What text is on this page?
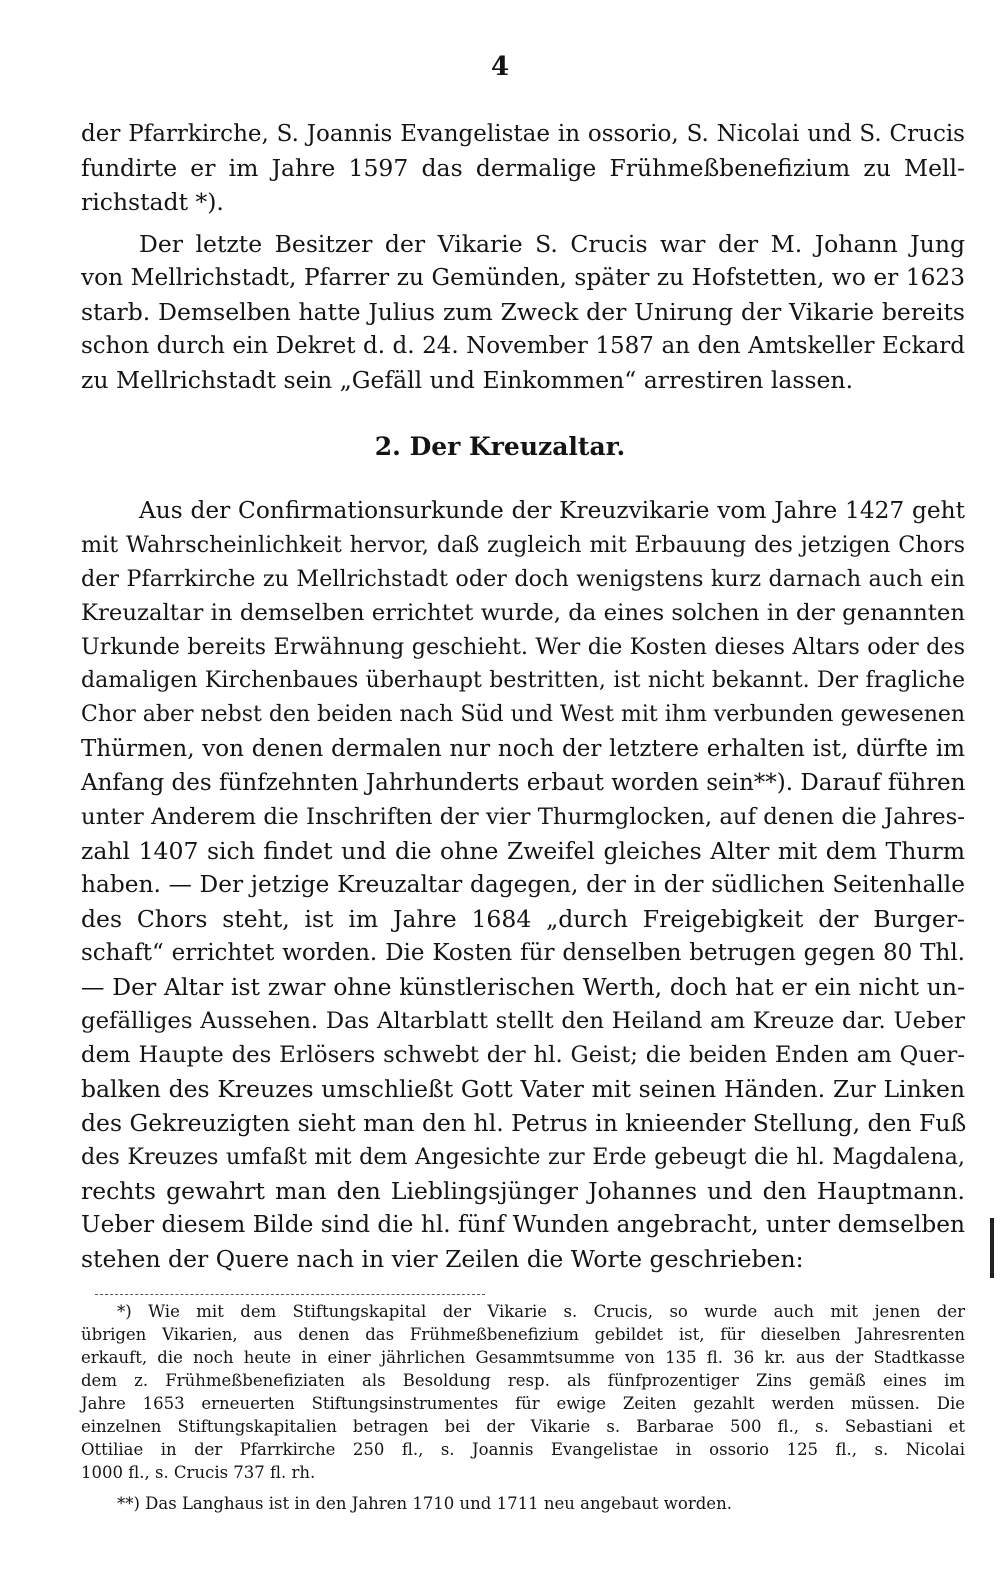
4
der Pfarrkirche, S. Joannis Evangelistae in ossorio, S. Nicolai und S. Crucis
fundirte er im Jahre 1597 das dermalige Frühmeßbenefizium zu Mell-
richstadt *).
Der letzte Besitzer der Vikarie S. Crucis war der M. Johann Jung
von Mellrichstadt, Pfarrer zu Gemünden, später zu Hofstetten, wo er 1623
starb. Demselben hatte Julius zum Zweck der Unirung der Vikarie bereits
schon durch ein Dekret d. d. 24. November 1587 an den Amtskeller Eckard
zu Mellrichstadt sein „Gefäll und Einkommen“ arrestiren lassen.
2. Der Kreuzaltar.
Aus der Confirmationsurkunde der Kreuzvikarie vom Jahre 1427 geht
mit Wahrscheinlichkeit hervor, daß zugleich mit Erbauung des jetzigen Chors
der Pfarrkirche zu Mellrichstadt oder doch wenigstens kurz darnach auch ein
Kreuzaltar in demselben errichtet wurde, da eines solchen in der genannten
Urkunde bereits Erwähnung geschieht. Wer die Kosten dieses Altars oder des
damaligen Kirchenbaues überhaupt bestritten, ist nicht bekannt. Der fragliche
Chor aber nebst den beiden nach Süd und West mit ihm verbunden gewesenen
Thürmen, von denen dermalen nur noch der letztere erhalten ist, dürfte im
Anfang des fünfzehnten Jahrhunderts erbaut worden sein**). Darauf führen
unter Anderem die Inschriften der vier Thurmglocken, auf denen die Jahres-
zahl 1407 sich findet und die ohne Zweifel gleiches Alter mit dem Thurm
haben. — Der jetzige Kreuzaltar dagegen, der in der südlichen Seitenhalle
des Chors steht, ist im Jahre 1684 „durch Freigebigkeit der Burger-
schaft“ errichtet worden. Die Kosten für denselben betrugen gegen 80 Thl.
— Der Altar ist zwar ohne künstlerischen Werth, doch hat er ein nicht un-
gefälliges Aussehen. Das Altarblatt stellt den Heiland am Kreuze dar. Ueber
dem Haupte des Erlösers schwebt der hl. Geist; die beiden Enden am Quer-
balken des Kreuzes umschließt Gott Vater mit seinen Händen. Zur Linken
des Gekreuzigten sieht man den hl. Petrus in knieender Stellung, den Fuß
des Kreuzes umfaßt mit dem Angesichte zur Erde gebeugt die hl. Magdalena,
rechts gewahrt man den Lieblingsjünger Johannes und den Hauptmann.
Ueber diesem Bilde sind die hl. fünf Wunden angebracht, unter demselben
stehen der Quere nach in vier Zeilen die Worte geschrieben:
*) Wie mit dem Stiftungskapital der Vikarie s. Crucis, so wurde auch mit jenen der
übrigen Vikarien, aus denen das Frühmeßbenefizium gebildet ist, für dieselben Jahresrenten
erkauft, die noch heute in einer jährlichen Gesammtsumme von 135 fl. 36 kr. aus der Stadtkasse
dem z. Frühmeßbenefiziaten als Besoldung resp. als fünfprozentiger Zins gemäß eines im
Jahre 1653 erneuerten Stiftungsinstrumentes für ewige Zeiten gezahlt werden müssen. Die
einzelnen Stiftungskapitalien betragen bei der Vikarie s. Barbarae 500 fl., s. Sebastiani et
Ottiliae in der Pfarrkirche 250 fl., s. Joannis Evangelistae in ossorio 125 fl., s. Nicolai
1000 fl., s. Crucis 737 fl. rh.
**) Das Langhaus ist in den Jahren 1710 und 1711 neu angebaut worden.
